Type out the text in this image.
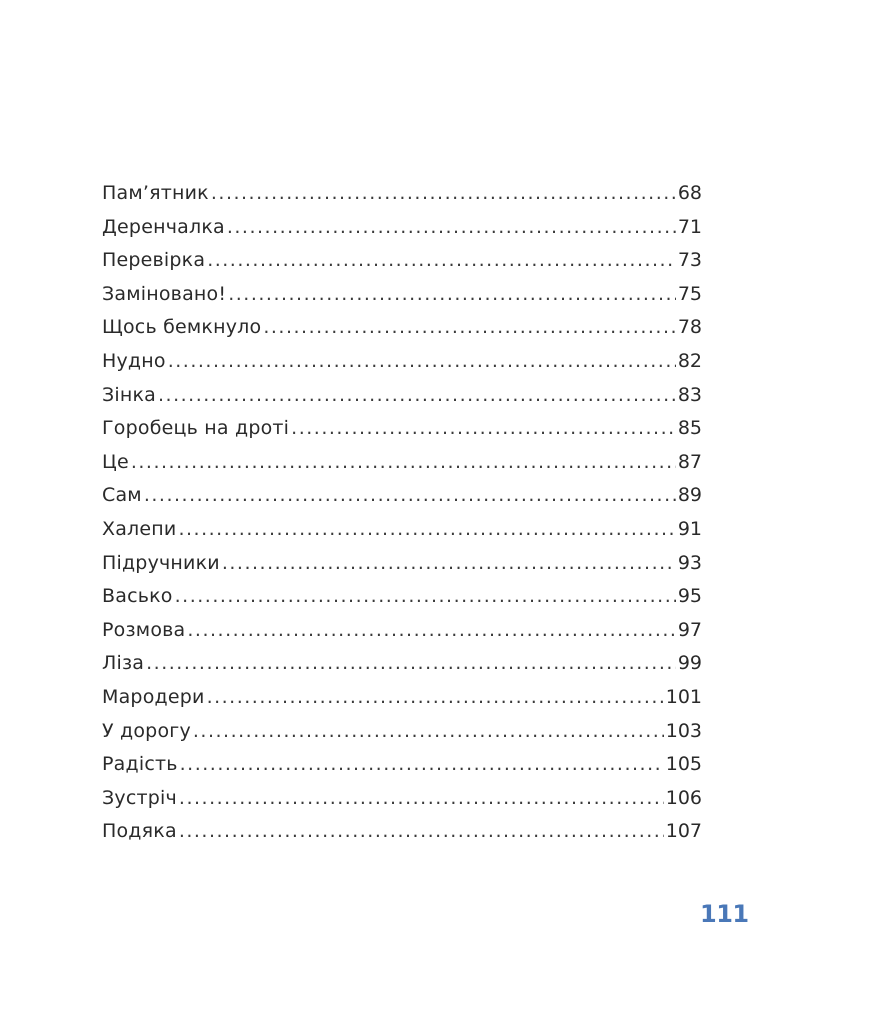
Пам’ятник .....	68
Деренчалка .....	71
Перевірка .....	73
Заміновано! .....	75
Щось бемкнуло .....	78
Нудно .....	82
Зінка .....	83
Горобець на дроті .....	85
Це .....	87
Сам .....	89
Халепи .....	91
Підручники .....	93
Васько .....	95
Розмова .....	97
Ліза .....	99
Мародери .....	101
У дорогу .....	103
Радість .....	105
Зустріч .....	106
Подяка .....	107
111
